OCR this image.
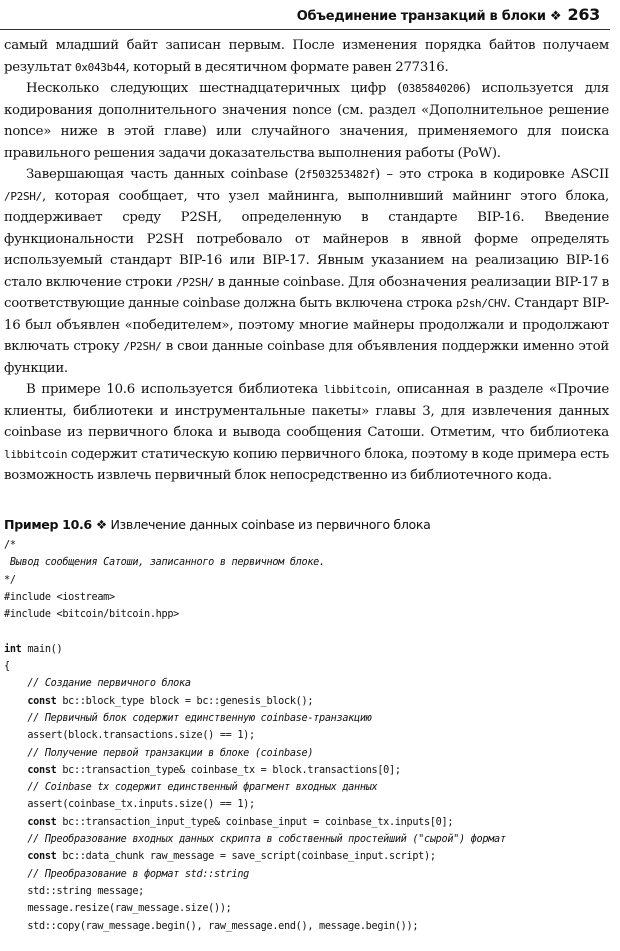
Объединение транзакций в блоки ❖ 263

самый младший байт записан первым. После изменения порядка байтов получаем результат 0x043b44, который в десятичном формате равен 277316.

Несколько следующих шестнадцатеричных цифр (0385840206) используется для кодирования дополнительного значения nonce (см. раздел «Дополнительное решение nonce» ниже в этой главе) или случайного значения, применяемого для поиска правильного решения задачи доказательства выполнения работы (PoW).

Завершающая часть данных coinbase (2f503253482f) – это строка в кодировке ASCII /P2SH/, которая сообщает, что узел майнинга, выполнивший майнинг этого блока, поддерживает среду P2SH, определенную в стандарте BIP-16. Введение функциональности P2SH потребовало от майнеров в явной форме определять используемый стандарт BIP-16 или BIP-17. Явным указанием на реализацию BIP-16 стало включение строки /P2SH/ в данные coinbase. Для обозначения реализации BIP-17 в соответствующие данные coinbase должна быть включена строка p2sh/CHV. Стандарт BIP-16 был объявлен «победителем», поэтому многие майнеры продолжали и продолжают включать строку /P2SH/ в свои данные coinbase для объявления поддержки именно этой функции.

В примере 10.6 используется библиотека libbitcoin, описанная в разделе «Прочие клиенты, библиотеки и инструментальные пакеты» главы 3, для извлечения данных coinbase из первичного блока и вывода сообщения Сатоши. Отметим, что библиотека libbitcoin содержит статическую копию первичного блока, поэтому в коде примера есть возможность извлечь первичный блок непосредственно из библиотечного кода.

Пример 10.6 ❖ Извлечение данных coinbase из первичного блока
/*
Вывод сообщения Сатоши, записанного в первичном блоке.
*/
#include <iostream>
#include <bitcoin/bitcoin.hpp>
int main()
{
// Создание первичного блока
const bc::block_type block = bc::genesis_block();
// Первичный блок содержит единственную coinbase-транзакцию
assert(block.transactions.size() == 1);
// Получение первой транзакции в блоке (coinbase)
const bc::transaction_type& coinbase_tx = block.transactions[0];
// Coinbase tx содержит единственный фрагмент входных данных
assert(coinbase_tx.inputs.size() == 1);
const bc::transaction_input_type& coinbase_input = coinbase_tx.inputs[0];
// Преобразование входных данных скрипта в собственный простейший ("сырой") формат
const bc::data_chunk raw_message = save_script(coinbase_input.script);
// Преобразование в формат std::string
std::string message;
message.resize(raw_message.size());
std::copy(raw_message.begin(), raw_message.end(), message.begin());
